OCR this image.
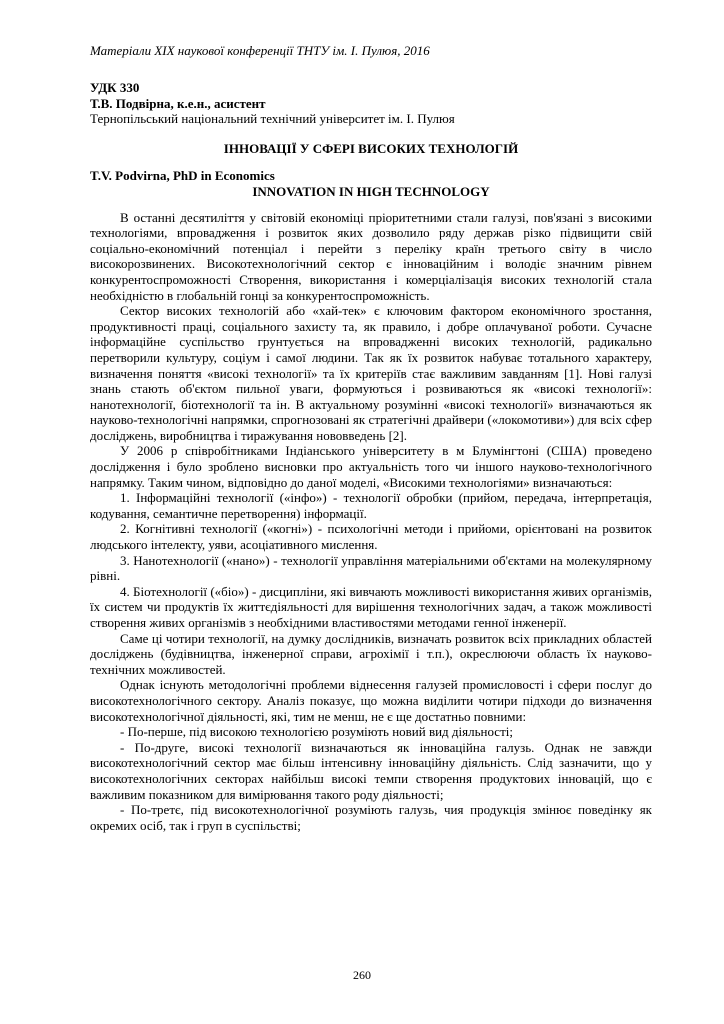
Матеріали XIX наукової конференції ТНТУ ім. І. Пулюя, 2016
УДК 330
Т.В. Подвірна, к.е.н., асистент
Тернопільський національний технічний університет ім. І. Пулюя
ІННОВАЦІЇ У СФЕРІ ВИСОКИХ ТЕХНОЛОГІЙ
T.V. Podvirna, PhD in Economics
INNOVATION IN HIGH TECHNOLOGY

В останні десятиліття у світовій економіці пріоритетними стали галузі, пов'язані з високими технологіями, впровадження і розвиток яких дозволило ряду держав різко підвищити свій соціально-економічний потенціал і перейти з переліку країн третього світу в число високорозвинених. Високотехнологічний сектор є інноваційним і володіє значним рівнем конкурентоспроможності Створення, використання і комерціалізація високих технологій стала необхідністю в глобальній гонці за конкурентоспроможність.

Сектор високих технологій або «хай-тек» є ключовим фактором економічного зростання, продуктивності праці, соціального захисту та, як правило, і добре оплачуваної роботи. Сучасне інформаційне суспільство грунтується на впровадженні високих технологій, радикально перетворили культуру, соціум і самої людини. Так як їх розвиток набуває тотального характеру, визначення поняття «високі технології» та їх критеріїв стає важливим завданням [1]. Нові галузі знань стають об'єктом пильної уваги, формуються і розвиваються як «високі технології»: нанотехнології, біотехнології та ін. В актуальному розумінні «високі технології» визначаються як науково-технологічні напрямки, спрогнозовані як стратегічні драйвери («локомотиви») для всіх сфер досліджень, виробництва і тиражування нововведень [2].

У 2006 р співробітниками Індіанського університету в м Блумінгтоні (США) проведено дослідження і було зроблено висновки про актуальність того чи іншого науково-технологічного напрямку. Таким чином, відповідно до даної моделі, «Високими технологіями» визначаються:

1. Інформаційні технології («інфо») - технології обробки (прийом, передача, інтерпретація, кодування, семантичне перетворення) інформації.

2. Когнітивні технології («когні») - психологічні методи і прийоми, орієнтовані на розвиток людського інтелекту, уяви, асоціативного мислення.

3. Нанотехнології («нано») - технології управління матеріальними об'єктами на молекулярному рівні.

4. Біотехнології («біо») - дисципліни, які вивчають можливості використання живих організмів, їх систем чи продуктів їх життєдіяльності для вирішення технологічних задач, а також можливості створення живих організмів з необхідними властивостями методами генної інженерії.

Саме ці чотири технології, на думку дослідників, визначать розвиток всіх прикладних областей досліджень (будівництва, інженерної справи, агрохімії і т.п.), окреслюючи область їх науково-технічних можливостей.

Однак існують методологічні проблеми віднесення галузей промисловості і сфери послуг до високотехнологічного сектору. Аналіз показує, що можна виділити чотири підходи до визначення високотехнологічної діяльності, які, тим не менш, не є ще достатньо повними:

- По-перше, під високою технологією розуміють новий вид діяльності;

- По-друге, високі технології визначаються як інноваційна галузь. Однак не завжди високотехнологічний сектор має більш інтенсивну інноваційну діяльність. Слід зазначити, що у високотехнологічних секторах найбільш високі темпи створення продуктових інновацій, що є важливим показником для вимірювання такого роду діяльності;

- По-третє, під високотехнологічної розуміють галузь, чия продукція змінює поведінку як окремих осіб, так і груп в суспільстві;

260
